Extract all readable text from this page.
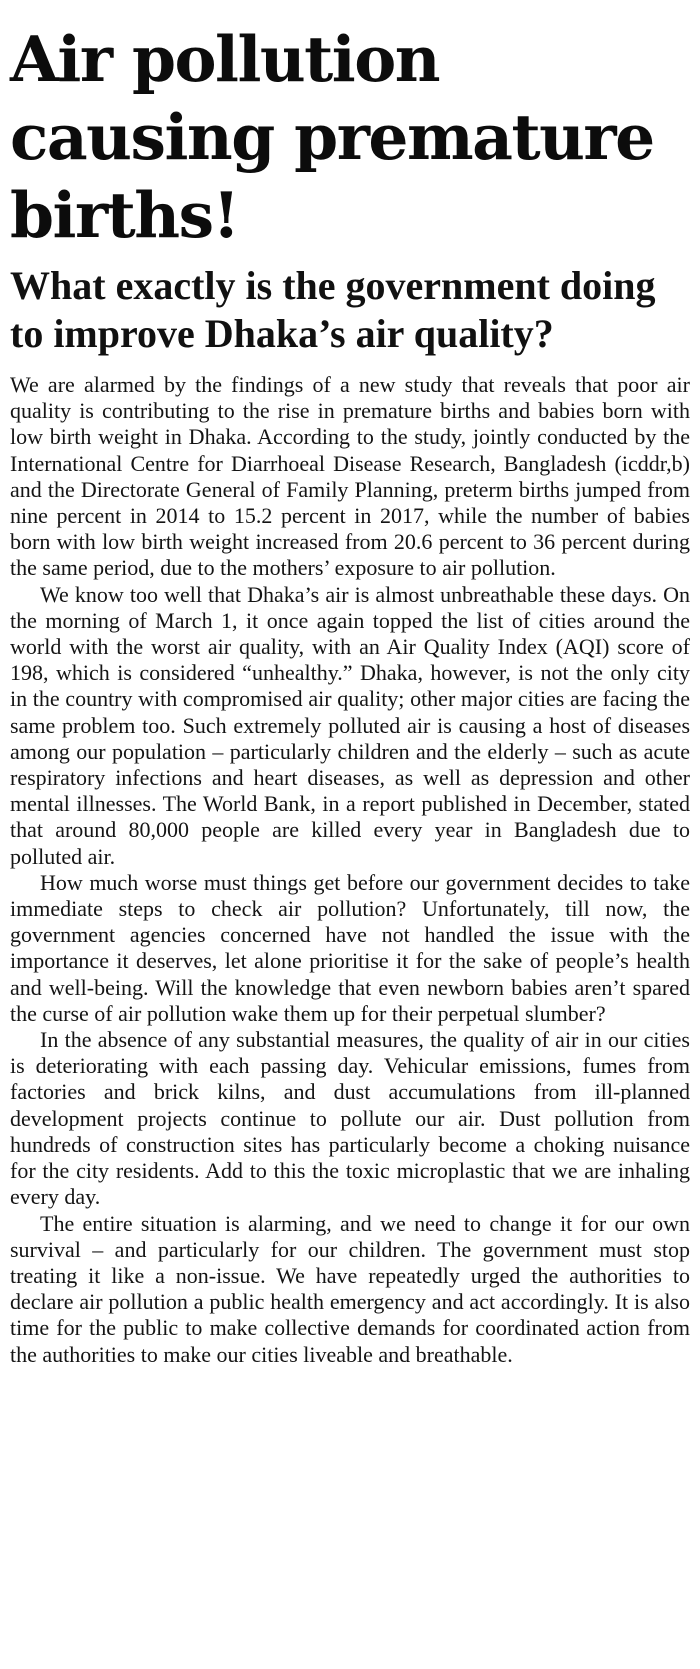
Air pollution causing premature births!
What exactly is the government doing to improve Dhaka’s air quality?

We are alarmed by the findings of a new study that reveals that poor air quality is contributing to the rise in premature births and babies born with low birth weight in Dhaka. According to the study, jointly conducted by the International Centre for Diarrhoeal Disease Research, Bangladesh (icddr,b) and the Directorate General of Family Planning, preterm births jumped from nine percent in 2014 to 15.2 percent in 2017, while the number of babies born with low birth weight increased from 20.6 percent to 36 percent during the same period, due to the mothers’ exposure to air pollution.

We know too well that Dhaka’s air is almost unbreathable these days. On the morning of March 1, it once again topped the list of cities around the world with the worst air quality, with an Air Quality Index (AQI) score of 198, which is considered “unhealthy.” Dhaka, however, is not the only city in the country with compromised air quality; other major cities are facing the same problem too. Such extremely polluted air is causing a host of diseases among our population – particularly children and the elderly – such as acute respiratory infections and heart diseases, as well as depression and other mental illnesses. The World Bank, in a report published in December, stated that around 80,000 people are killed every year in Bangladesh due to polluted air.

How much worse must things get before our government decides to take immediate steps to check air pollution? Unfortunately, till now, the government agencies concerned have not handled the issue with the importance it deserves, let alone prioritise it for the sake of people’s health and well-being. Will the knowledge that even newborn babies aren’t spared the curse of air pollution wake them up for their perpetual slumber?

In the absence of any substantial measures, the quality of air in our cities is deteriorating with each passing day. Vehicular emissions, fumes from factories and brick kilns, and dust accumulations from ill-planned development projects continue to pollute our air. Dust pollution from hundreds of construction sites has particularly become a choking nuisance for the city residents. Add to this the toxic microplastic that we are inhaling every day.

The entire situation is alarming, and we need to change it for our own survival – and particularly for our children. The government must stop treating it like a non-issue. We have repeatedly urged the authorities to declare air pollution a public health emergency and act accordingly. It is also time for the public to make collective demands for coordinated action from the authorities to make our cities liveable and breathable.
